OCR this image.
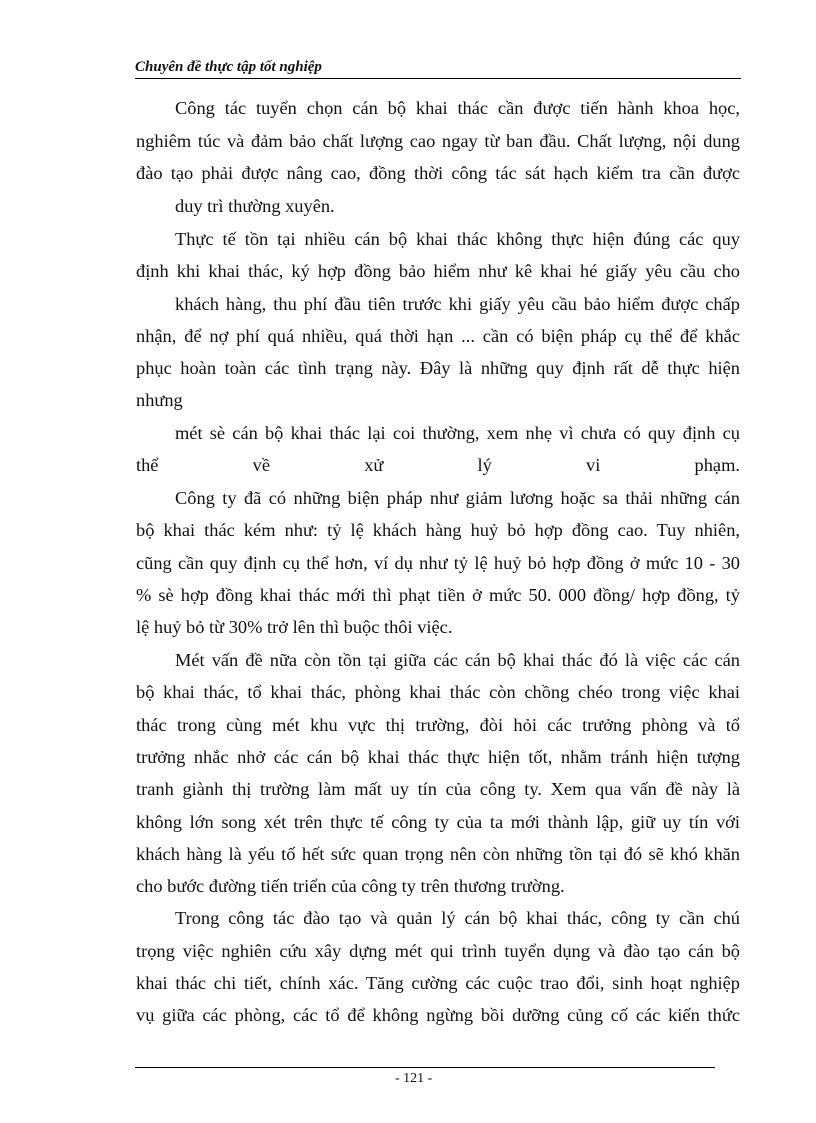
Chuyên đề thực tập tốt nghiệp
Công tác tuyển chọn cán bộ khai thác cần được tiến hành khoa học,
nghiêm túc và đảm bảo chất lượng cao ngay từ ban đầu. Chất lượng, nội dung
đào tạo phải được nâng cao, đồng thời công tác sát hạch kiểm tra cần được
duy trì thường xuyên.
Thực tế tồn tại nhiều cán bộ khai thác không thực hiện đúng các quy
định khi khai thác, ký hợp đồng bảo hiểm như kê khai hé giấy yêu cầu cho
khách hàng, thu phí đầu tiên trước khi giấy yêu cầu bảo hiểm được chấp
nhận, để nợ phí quá nhiều, quá thời hạn ... cần có biện pháp cụ thể để khắc
phục hoàn toàn các tình trạng này. Đây là những quy định rất dễ thực hiện
nhưng
mét sè cán bộ khai thác lại coi thường, xem nhẹ vì chưa có quy định cụ
thể về xử lý vi phạm.
Công ty đã có những biện pháp như giảm lương hoặc sa thải những cán
bộ khai thác kém như: tỷ lệ khách hàng huỷ bỏ hợp đồng cao. Tuy nhiên,
cũng cần quy định cụ thể hơn, ví dụ như tỷ lệ huỷ bỏ hợp đồng ở mức 10 - 30
% sè hợp đồng khai thác mới thì phạt tiền ở mức 50. 000 đồng/ hợp đồng, tỷ
lệ huỷ bỏ từ 30% trở lên thì buộc thôi việc.
Mét vấn đề nữa còn tồn tại giữa các cán bộ khai thác đó là việc các cán
bộ khai thác, tổ khai thác, phòng khai thác còn chồng chéo trong việc khai
thác trong cùng mét khu vực thị trường, đòi hỏi các trưởng phòng và tổ
trưởng nhắc nhở các cán bộ khai thác thực hiện tốt, nhằm tránh hiện tượng
tranh giành thị trường làm mất uy tín của công ty. Xem qua vấn đề này là
không lớn song xét trên thực tế công ty của ta mới thành lập, giữ uy tín với
khách hàng là yếu tố hết sức quan trọng nên còn những tồn tại đó sẽ khó khăn
cho bước đường tiến triển của công ty trên thương trường.
Trong công tác đào tạo và quản lý cán bộ khai thác, công ty cần chú
trọng việc nghiên cứu xây dựng mét qui trình tuyển dụng và đào tạo cán bộ
khai thác chi tiết, chính xác. Tăng cường các cuộc trao đổi, sinh hoạt nghiệp
vụ giữa các phòng, các tổ để không ngừng bồi dưỡng củng cố các kiến thức
- 121 -
